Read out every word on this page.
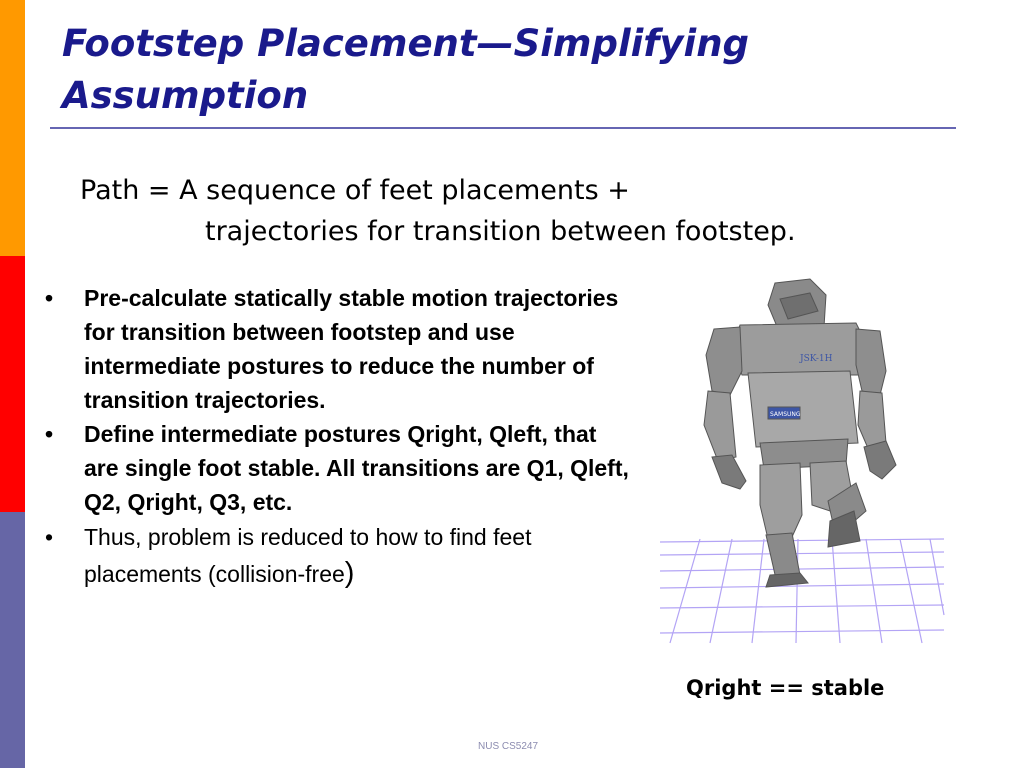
Footstep Placement—Simplifying Assumption
Path = A sequence of feet placements +
trajectories for transition between footstep.
• Pre-calculate statically stable motion trajectories for transition between footstep and use intermediate postures to reduce the number of transition trajectories.
• Define intermediate postures Qright, Qleft, that are single foot stable. All transitions are Q1, Qleft, Q2, Qright, Q3, etc.
• Thus, problem is reduced to how to find feet placements (collision-free)
JSK-1H
SAMSUNG
Qright == stable
NUS CS5247
